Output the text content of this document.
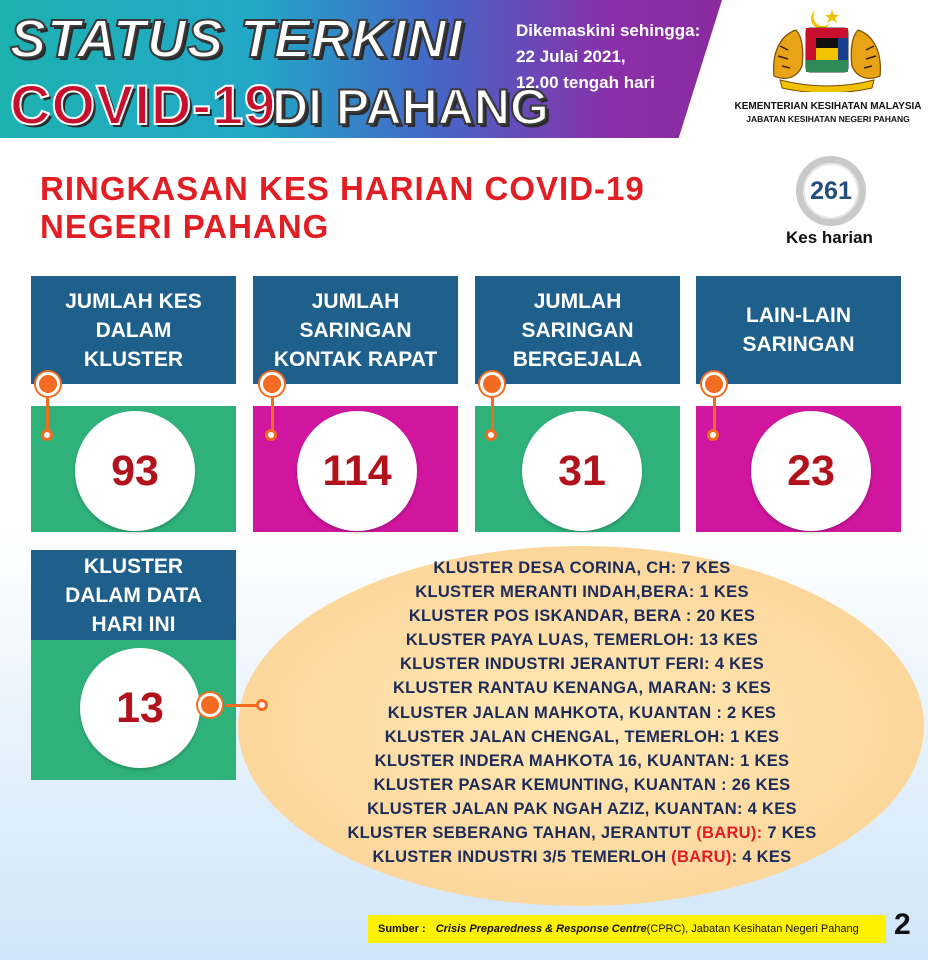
STATUS TERKINI
COVID-19
DI PAHANG
Dikemaskini sehingga:
22 Julai 2021,
12.00 tengah hari
KEMENTERIAN KESIHATAN MALAYSIA
JABATAN KESIHATAN NEGERI PAHANG
RINGKASAN KES HARIAN COVID-19
NEGERI PAHANG
261
Kes harian
JUMLAH KES
DALAM
KLUSTER
93
JUMLAH
SARINGAN
KONTAK RAPAT
114
JUMLAH
SARINGAN
BERGEJALA
31
LAIN-LAIN
SARINGAN
23
KLUSTER
DALAM DATA
HARI INI
13
KLUSTER DESA CORINA, CH: 7 KES
KLUSTER MERANTI INDAH,BERA: 1 KES
KLUSTER POS ISKANDAR, BERA : 20 KES
KLUSTER PAYA LUAS, TEMERLOH: 13 KES
KLUSTER INDUSTRI JERANTUT FERI: 4 KES
KLUSTER RANTAU KENANGA, MARAN: 3 KES
KLUSTER JALAN MAHKOTA, KUANTAN : 2 KES
KLUSTER JALAN CHENGAL, TEMERLOH: 1 KES
KLUSTER INDERA MAHKOTA 16, KUANTAN: 1 KES
KLUSTER PASAR KEMUNTING, KUANTAN : 26 KES
KLUSTER JALAN PAK NGAH AZIZ, KUANTAN: 4 KES
KLUSTER SEBERANG TAHAN, JERANTUT (BARU): 7 KES
KLUSTER INDUSTRI 3/5 TEMERLOH (BARU): 4 KES
Sumber : Crisis Preparedness & Response Centre (CPRC), Jabatan Kesihatan Negeri Pahang 2
